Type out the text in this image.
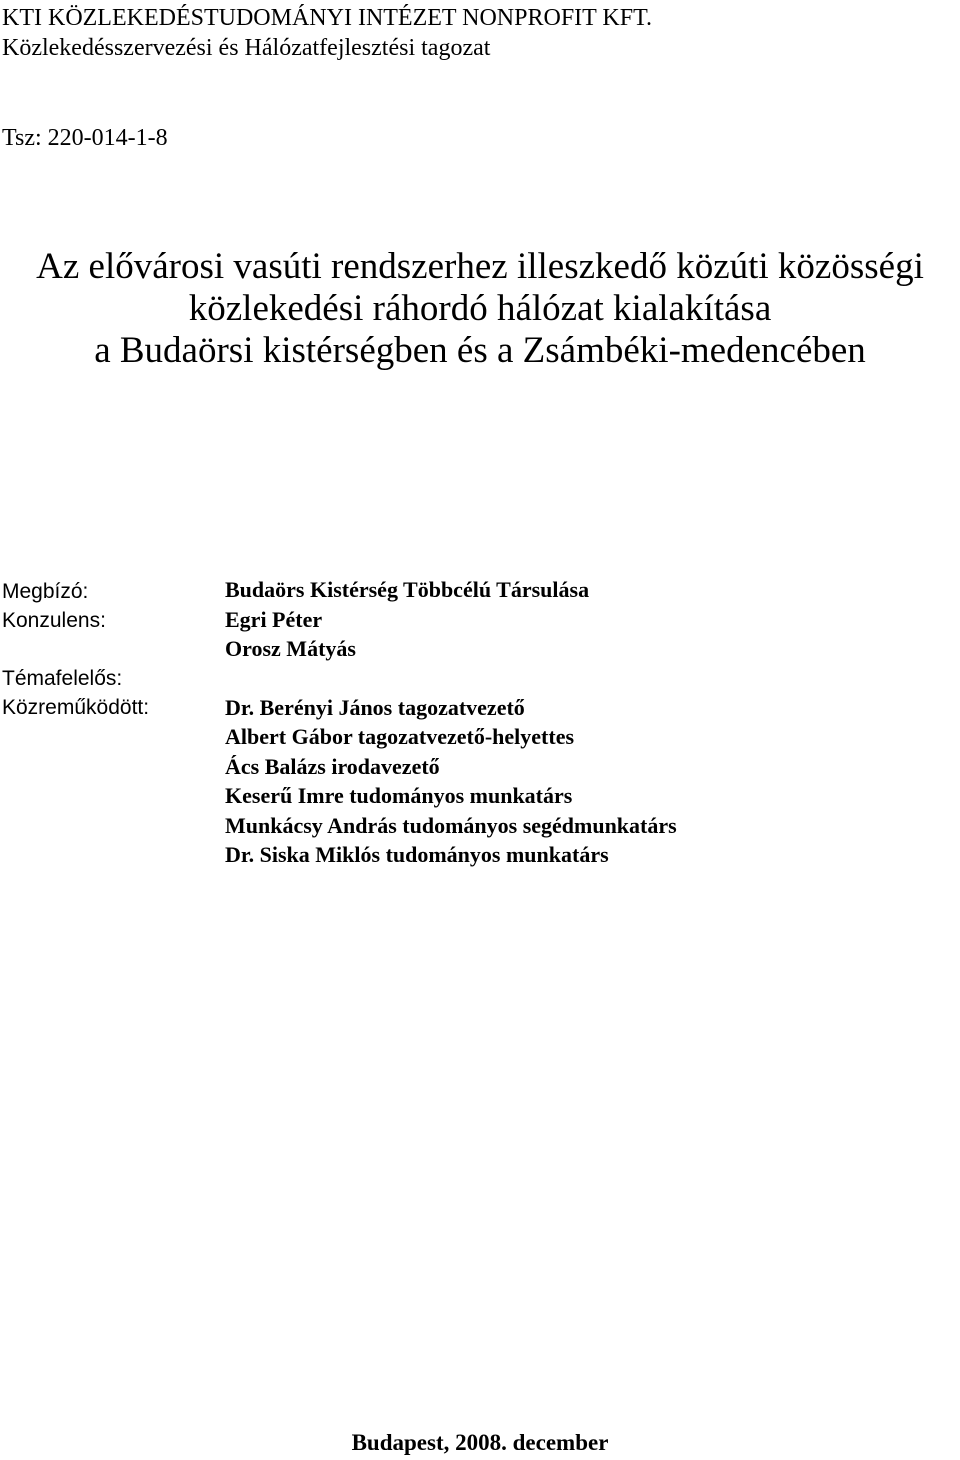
KTI KÖZLEKEDÉSTUDOMÁNYI INTÉZET NONPROFIT KFT.
Közlekedésszervezési és Hálózatfejlesztési tagozat
Tsz: 220-014-1-8
Az elővárosi vasúti rendszerhez illeszkedő közúti közösségi
közlekedési ráhordó hálózat kialakítása
a Budaörsi kistérségben és a Zsámbéki-medencében
Megbízó:
Konzulens:
Témafelelős:
Közreműködött:
Budaörs Kistérség Többcélú Társulása
Egri Péter
Orosz Mátyás
Dr. Berényi János tagozatvezető
Albert Gábor tagozatvezető-helyettes
Ács Balázs irodavezető
Keserű Imre tudományos munkatárs
Munkácsy András tudományos segédmunkatárs
Dr. Siska Miklós tudományos munkatárs
Budapest, 2008. december
